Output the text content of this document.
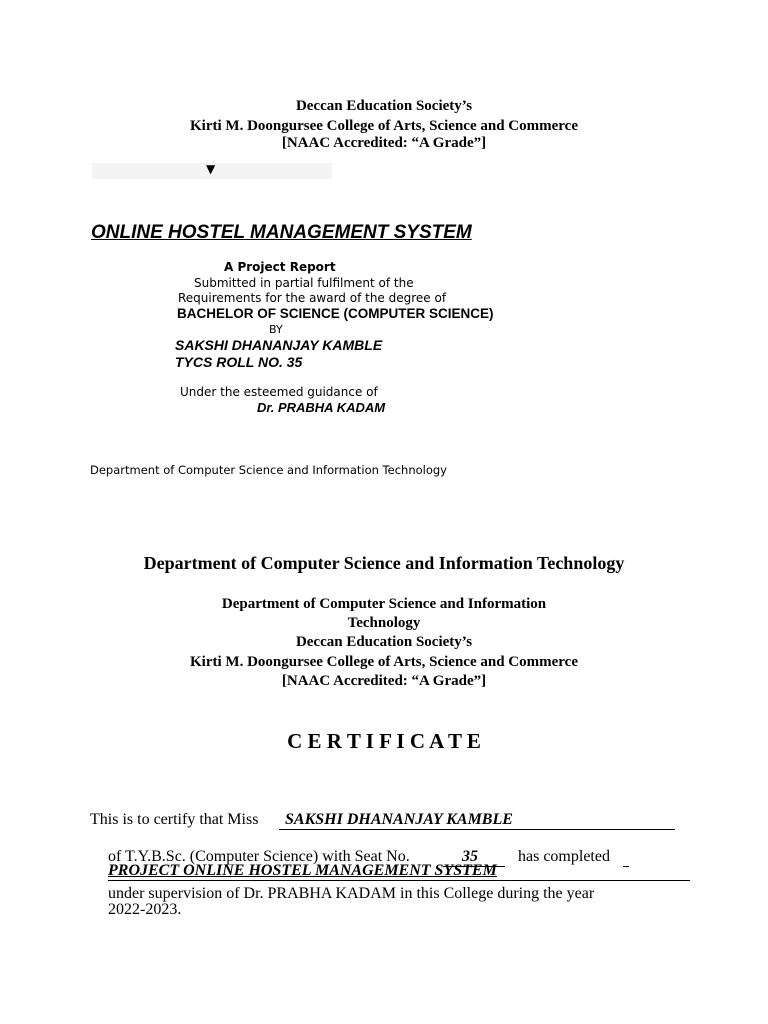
Deccan Education Society’s
Kirti M. Doongursee College of Arts, Science and Commerce
[NAAC Accredited: “A Grade”]
▼
ONLINE HOSTEL MANAGEMENT SYSTEM
A Project Report
Submitted in partial fulfilment of the
Requirements for the award of the degree of
BACHELOR OF SCIENCE (COMPUTER SCIENCE)
BY
SAKSHI DHANANJAY KAMBLE
TYCS ROLL NO. 35
Under the esteemed guidance of
Dr. PRABHA KADAM
Department of Computer Science and Information Technology
Department of Computer Science and Information Technology
Department of Computer Science and Information
Technology
Deccan Education Society’s
Kirti M. Doongursee College of Arts, Science and Commerce
[NAAC Accredited: “A Grade”]
C E R T I F I C A T E
This is to certify that Miss SAKSHI DHANANJAY KAMBLE
of T.Y.B.Sc. (Computer Science) with Seat No.	35	has completed
PROJECT ONLINE HOSTEL MANAGEMENT SYSTEM
under supervision of Dr. PRABHA KADAM in this College during the year
2022-2023.
